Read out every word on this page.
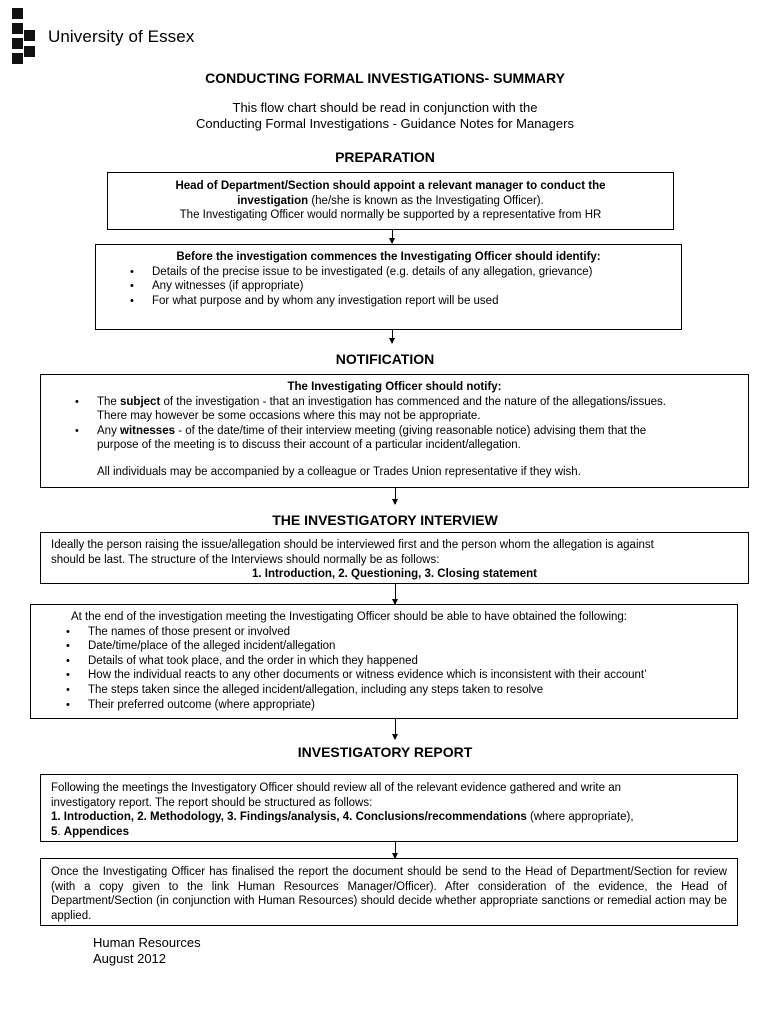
University of Essex
CONDUCTING FORMAL INVESTIGATIONS- SUMMARY
This flow chart should be read in conjunction with the
Conducting Formal Investigations - Guidance Notes for Managers
PREPARATION
Head of Department/Section should appoint a relevant manager to conduct the
investigation (he/she is known as the Investigating Officer).
The Investigating Officer would normally be supported by a representative from HR
Before the investigation commences the Investigating Officer should identify:
• Details of the precise issue to be investigated (e.g. details of any allegation, grievance)
• Any witnesses (if appropriate)
• For what purpose and by whom any investigation report will be used
NOTIFICATION
The Investigating Officer should notify:
• The subject of the investigation - that an investigation has commenced and the nature of the allegations/issues.
There may however be some occasions where this may not be appropriate.
• Any witnesses - of the date/time of their interview meeting (giving reasonable notice) advising them that the
purpose of the meeting is to discuss their account of a particular incident/allegation.
All individuals may be accompanied by a colleague or Trades Union representative if they wish.
THE INVESTIGATORY INTERVIEW
Ideally the person raising the issue/allegation should be interviewed first and the person whom the allegation is against
should be last. The structure of the Interviews should normally be as follows:
1. Introduction, 2. Questioning, 3. Closing statement
At the end of the investigation meeting the Investigating Officer should be able to have obtained the following:
• The names of those present or involved
• Date/time/place of the alleged incident/allegation
• Details of what took place, and the order in which they happened
• How the individual reacts to any other documents or witness evidence which is inconsistent with their account’
• The steps taken since the alleged incident/allegation, including any steps taken to resolve
• Their preferred outcome (where appropriate)
INVESTIGATORY REPORT
Following the meetings the Investigatory Officer should review all of the relevant evidence gathered and write an
investigatory report. The report should be structured as follows:
1. Introduction, 2. Methodology, 3. Findings/analysis, 4. Conclusions/recommendations (where appropriate),
5. Appendices
Once the Investigating Officer has finalised the report the document should be send to the Head of Department/Section for review (with a copy given to the link Human Resources Manager/Officer). After consideration of the evidence, the Head of Department/Section (in conjunction with Human Resources) should decide whether appropriate sanctions or remedial action may be applied.
Human Resources
August 2012
